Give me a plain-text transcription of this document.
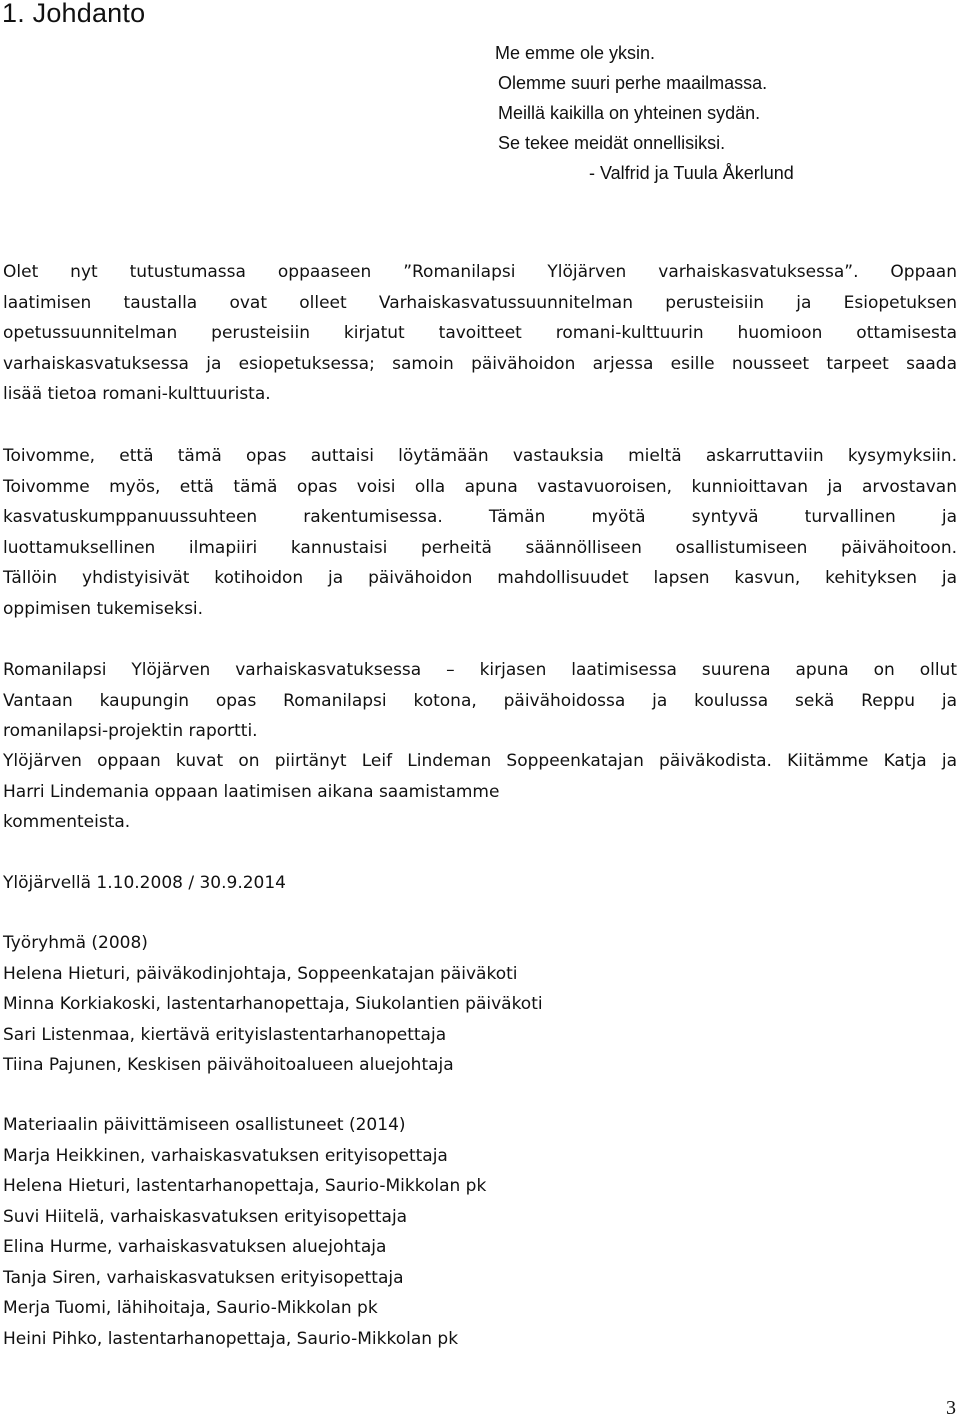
1. Johdanto
Me emme ole yksin.
Olemme suuri perhe maailmassa.
Meillä kaikilla on yhteinen sydän.
Se tekee meidät onnellisiksi.
- Valfrid ja Tuula Åkerlund
Olet nyt tutustumassa oppaaseen ”Romanilapsi Ylöjärven varhaiskasvatuksessa”. Oppaan
laatimisen taustalla ovat olleet Varhaiskasvatussuunnitelman perusteisiin ja Esiopetuksen
opetussuunnitelman perusteisiin kirjatut tavoitteet romani-kulttuurin huomioon ottamisesta
varhaiskasvatuksessa ja esiopetuksessa; samoin päivähoidon arjessa esille nousseet tarpeet saada
lisää tietoa romani-kulttuurista.
Toivomme, että tämä opas auttaisi löytämään vastauksia mieltä askarruttaviin kysymyksiin.
Toivomme myös, että tämä opas voisi olla apuna vastavuoroisen, kunnioittavan ja arvostavan
kasvatuskumppanuussuhteen rakentumisessa. Tämän myötä syntyvä turvallinen ja
luottamuksellinen ilmapiiri kannustaisi perheitä säännölliseen osallistumiseen päivähoitoon.
Tällöin yhdistyisivät kotihoidon ja päivähoidon mahdollisuudet lapsen kasvun, kehityksen ja
oppimisen tukemiseksi.
Romanilapsi Ylöjärven varhaiskasvatuksessa – kirjasen laatimisessa suurena apuna on ollut
Vantaan kaupungin opas Romanilapsi kotona, päivähoidossa ja koulussa sekä Reppu ja
romanilapsi-projektin raportti.
Ylöjärven oppaan kuvat on piirtänyt Leif Lindeman Soppeenkatajan päiväkodista. Kiitämme Katja ja
Harri Lindemania oppaan laatimisen aikana saamistamme
kommenteista.
Ylöjärvellä 1.10.2008 / 30.9.2014
Työryhmä (2008)
Helena Hieturi, päiväkodinjohtaja, Soppeenkatajan päiväkoti
Minna Korkiakoski, lastentarhanopettaja, Siukolantien päiväkoti
Sari Listenmaa, kiertävä erityislastentarhanopettaja
Tiina Pajunen, Keskisen päivähoitoalueen aluejohtaja
Materiaalin päivittämiseen osallistuneet (2014)
Marja Heikkinen, varhaiskasvatuksen erityisopettaja
Helena Hieturi, lastentarhanopettaja, Saurio-Mikkolan pk
Suvi Hiitelä, varhaiskasvatuksen erityisopettaja
Elina Hurme, varhaiskasvatuksen aluejohtaja
Tanja Siren, varhaiskasvatuksen erityisopettaja
Merja Tuomi, lähihoitaja, Saurio-Mikkolan pk
Heini Pihko, lastentarhanopettaja, Saurio-Mikkolan pk
3
